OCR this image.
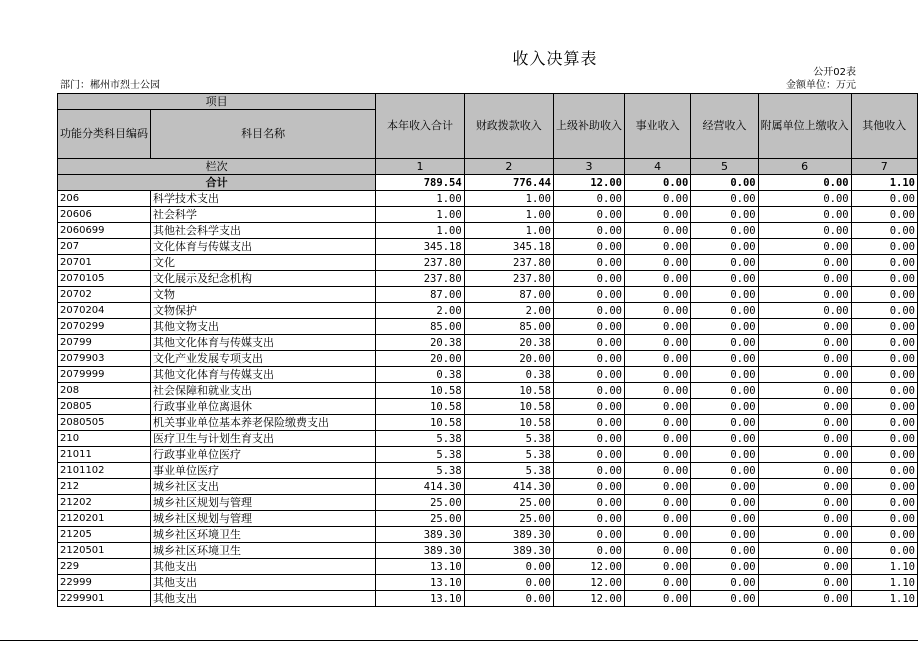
收入决算表
公开02表
部门：郴州市烈士公园	金额单位：万元
项目		本年收入合计	财政拨款收入	上级补助收入	事业收入	经营收入	附属单位上缴收入	其他收入
功能分类科目编码	科目名称							
栏次		1	2	3	4	5	6	7
合计		789.54	776.44	12.00	0.00	0.00	0.00	1.10
206	科学技术支出	1.00	1.00	0.00	0.00	0.00	0.00	0.00
20606	社会科学	1.00	1.00	0.00	0.00	0.00	0.00	0.00
2060699	其他社会科学支出	1.00	1.00	0.00	0.00	0.00	0.00	0.00
207	文化体育与传媒支出	345.18	345.18	0.00	0.00	0.00	0.00	0.00
20701	文化	237.80	237.80	0.00	0.00	0.00	0.00	0.00
2070105	文化展示及纪念机构	237.80	237.80	0.00	0.00	0.00	0.00	0.00
20702	文物	87.00	87.00	0.00	0.00	0.00	0.00	0.00
2070204	文物保护	2.00	2.00	0.00	0.00	0.00	0.00	0.00
2070299	其他文物支出	85.00	85.00	0.00	0.00	0.00	0.00	0.00
20799	其他文化体育与传媒支出	20.38	20.38	0.00	0.00	0.00	0.00	0.00
2079903	文化产业发展专项支出	20.00	20.00	0.00	0.00	0.00	0.00	0.00
2079999	其他文化体育与传媒支出	0.38	0.38	0.00	0.00	0.00	0.00	0.00
208	社会保障和就业支出	10.58	10.58	0.00	0.00	0.00	0.00	0.00
20805	行政事业单位离退休	10.58	10.58	0.00	0.00	0.00	0.00	0.00
2080505	机关事业单位基本养老保险缴费支出	10.58	10.58	0.00	0.00	0.00	0.00	0.00
210	医疗卫生与计划生育支出	5.38	5.38	0.00	0.00	0.00	0.00	0.00
21011	行政事业单位医疗	5.38	5.38	0.00	0.00	0.00	0.00	0.00
2101102	事业单位医疗	5.38	5.38	0.00	0.00	0.00	0.00	0.00
212	城乡社区支出	414.30	414.30	0.00	0.00	0.00	0.00	0.00
21202	城乡社区规划与管理	25.00	25.00	0.00	0.00	0.00	0.00	0.00
2120201	城乡社区规划与管理	25.00	25.00	0.00	0.00	0.00	0.00	0.00
21205	城乡社区环境卫生	389.30	389.30	0.00	0.00	0.00	0.00	0.00
2120501	城乡社区环境卫生	389.30	389.30	0.00	0.00	0.00	0.00	0.00
229	其他支出	13.10	0.00	12.00	0.00	0.00	0.00	1.10
22999	其他支出	13.10	0.00	12.00	0.00	0.00	0.00	1.10
2299901	其他支出	13.10	0.00	12.00	0.00	0.00	0.00	1.10
